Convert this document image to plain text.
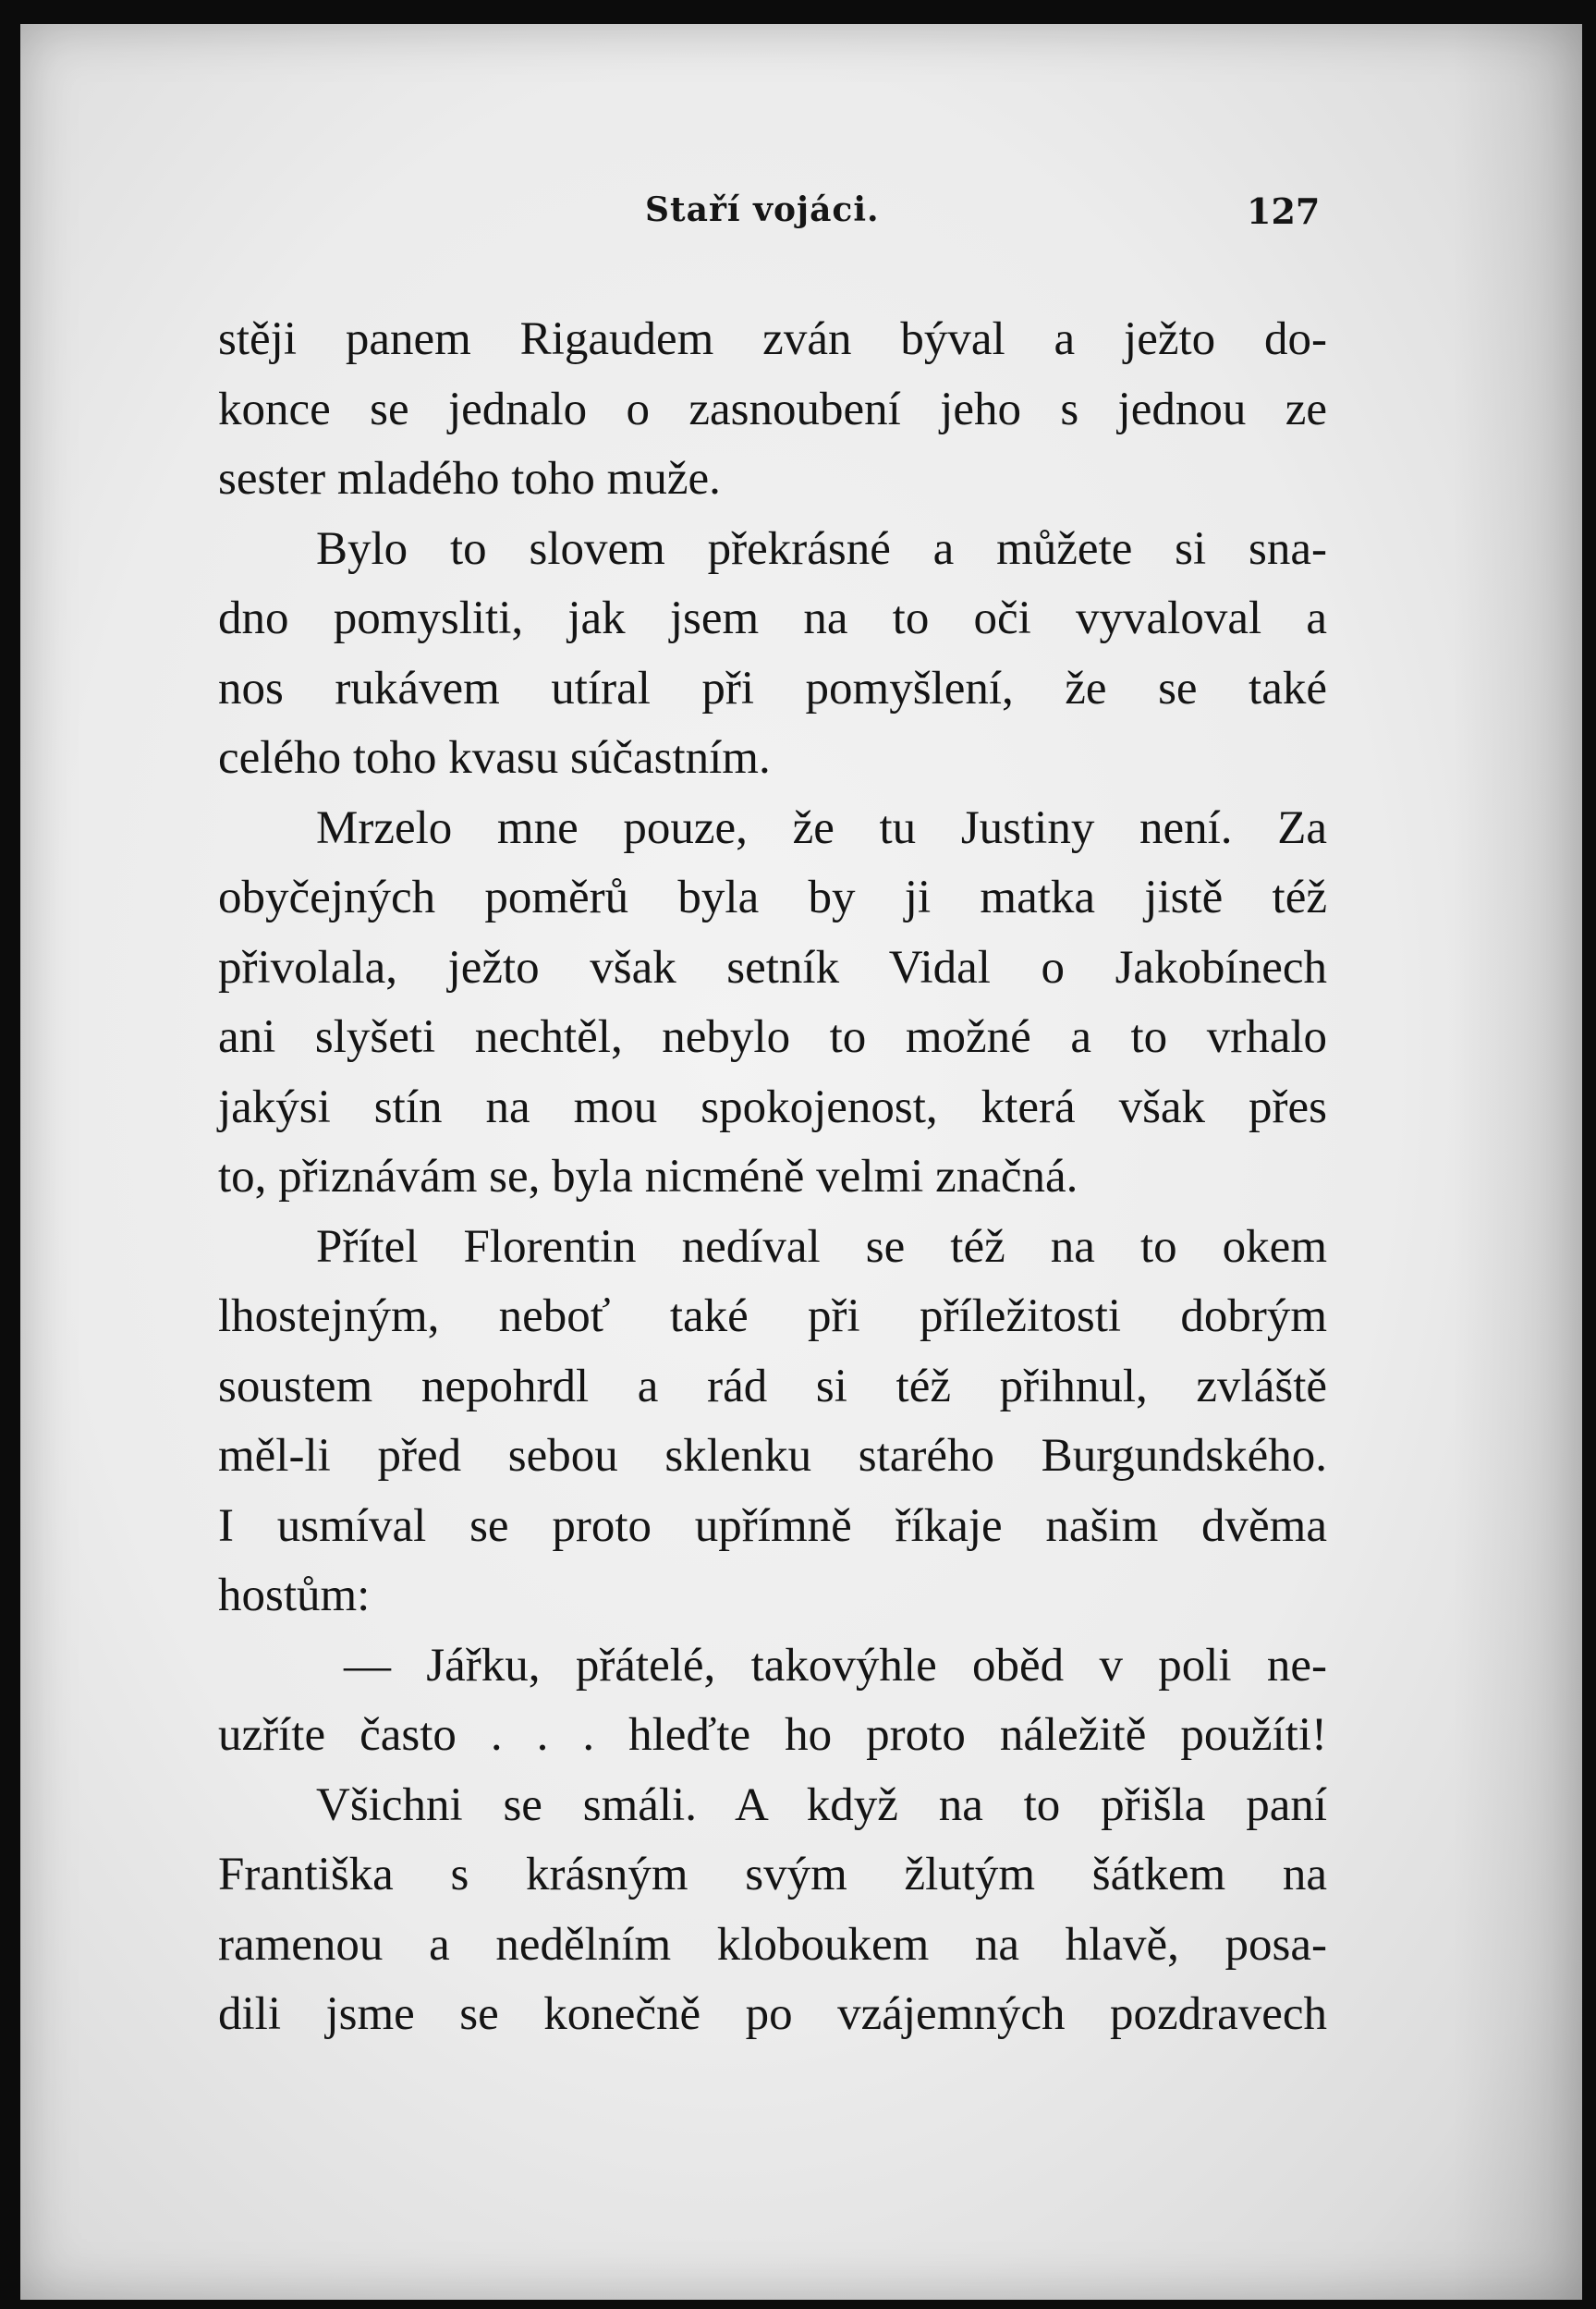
Staří vojáci.	127
stěji panem Rigaudem zván býval a ježto do-
konce se jednalo o zasnoubení jeho s jednou ze
sester mladého toho muže.
Bylo to slovem překrásné a můžete si sna-
dno pomysliti, jak jsem na to oči vyvaloval a
nos rukávem utíral při pomyšlení, že se také
celého toho kvasu súčastním.
Mrzelo mne pouze, že tu Justiny není. Za
obyčejných poměrů byla by ji matka jistě též
přivolala, ježto však setník Vidal o Jakobínech
ani slyšeti nechtěl, nebylo to možné a to vrhalo
jakýsi stín na mou spokojenost, která však přes
to, přiznávám se, byla nicméně velmi značná.
Přítel Florentin nedíval se též na to okem
lhostejným, neboť také při příležitosti dobrým
soustem nepohrdl a rád si též přihnul, zvláště
měl-li před sebou sklenku starého Burgundského.
I usmíval se proto upřímně říkaje našim dvěma
hostům:
— Jářku, přátelé, takovýhle oběd v poli ne-
uzříte často . . . hleďte ho proto náležitě použíti!
Všichni se smáli. A když na to přišla paní
Františka s krásným svým žlutým šátkem na
ramenou a nedělním kloboukem na hlavě, posa-
dili jsme se konečně po vzájemných pozdravech
